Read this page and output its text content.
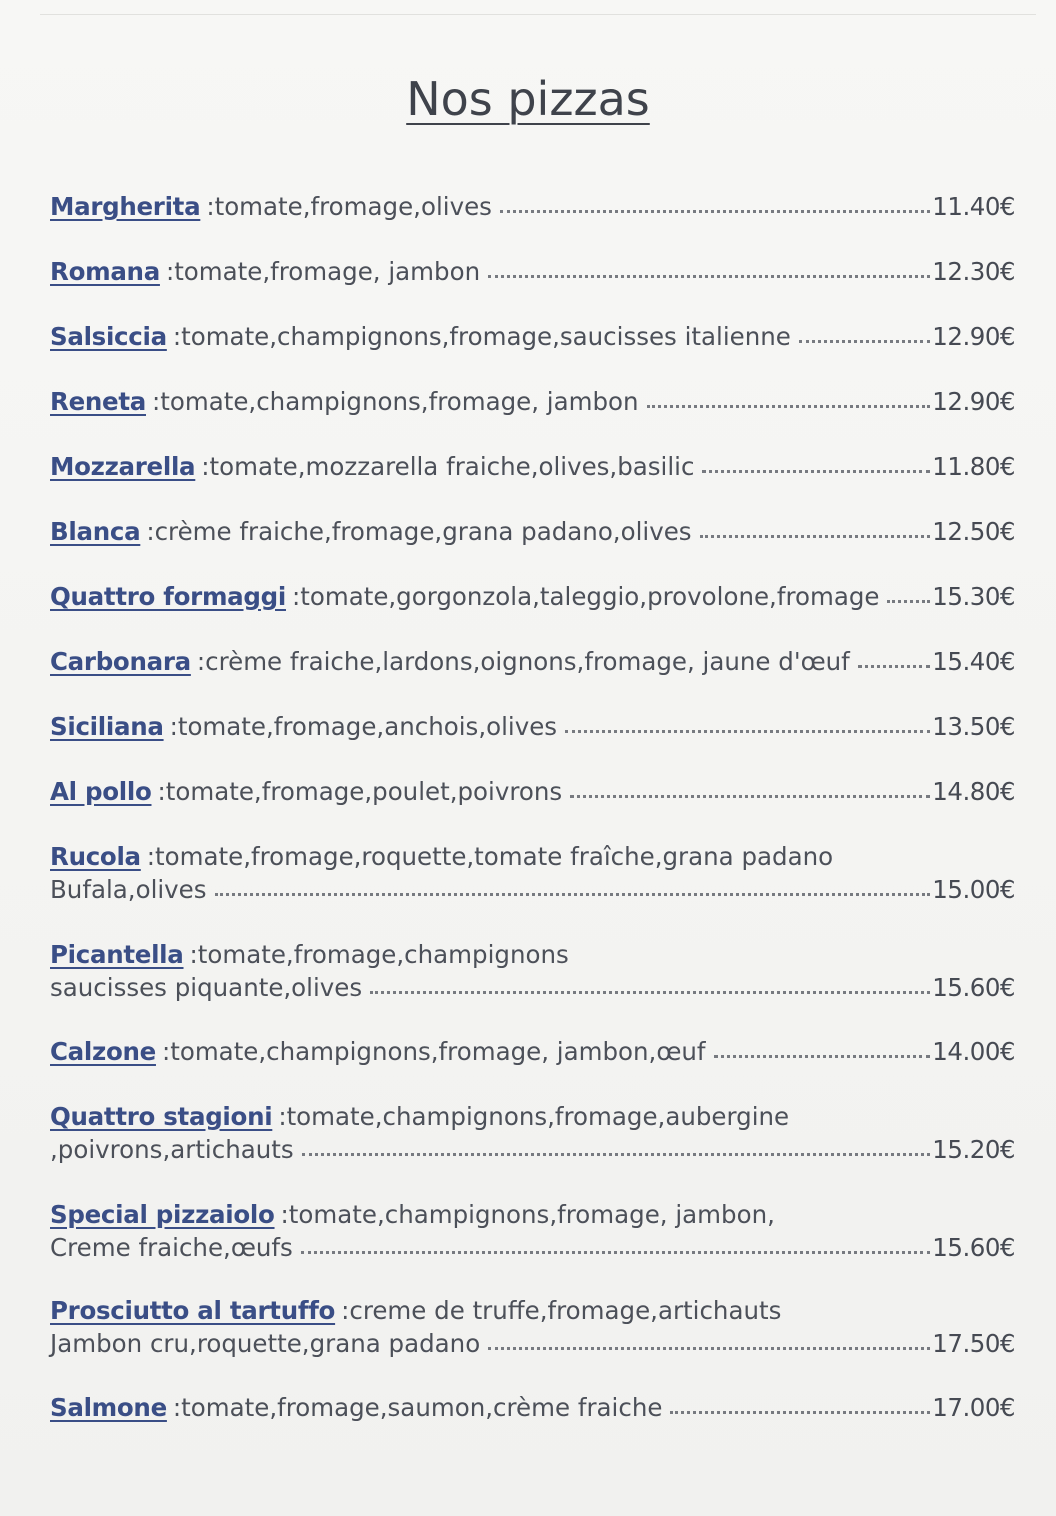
Nos pizzas
Margherita :tomate,fromage,olives	11.40€
Romana :tomate,fromage, jambon	12.30€
Salsiccia :tomate,champignons,fromage,saucisses italienne	12.90€
Reneta :tomate,champignons,fromage, jambon	12.90€
Mozzarella :tomate,mozzarella fraiche,olives,basilic	11.80€
Blanca :crème fraiche,fromage,grana padano,olives	12.50€
Quattro formaggi :tomate,gorgonzola,taleggio,provolone,fromage 15.30€
Carbonara :crème fraiche,lardons,oignons,fromage, jaune d'œuf	15.40€
Siciliana :tomate,fromage,anchois,olives	13.50€
Al pollo :tomate,fromage,poulet,poivrons	14.80€
Rucola :tomate,fromage,roquette,tomate fraîche,grana padano
Bufala,olives	15.00€
Picantella :tomate,fromage,champignons
saucisses piquante,olives	15.60€
Calzone :tomate,champignons,fromage, jambon,œuf	14.00€
Quattro stagioni :tomate,champignons,fromage,aubergine
,poivrons,artichauts	15.20€
Special pizzaiolo :tomate,champignons,fromage, jambon,
Creme fraiche,œufs	15.60€
Prosciutto al tartuffo :creme de truffe,fromage,artichauts
Jambon cru,roquette,grana padano	17.50€
Salmone :tomate,fromage,saumon,crème fraiche	17.00€
